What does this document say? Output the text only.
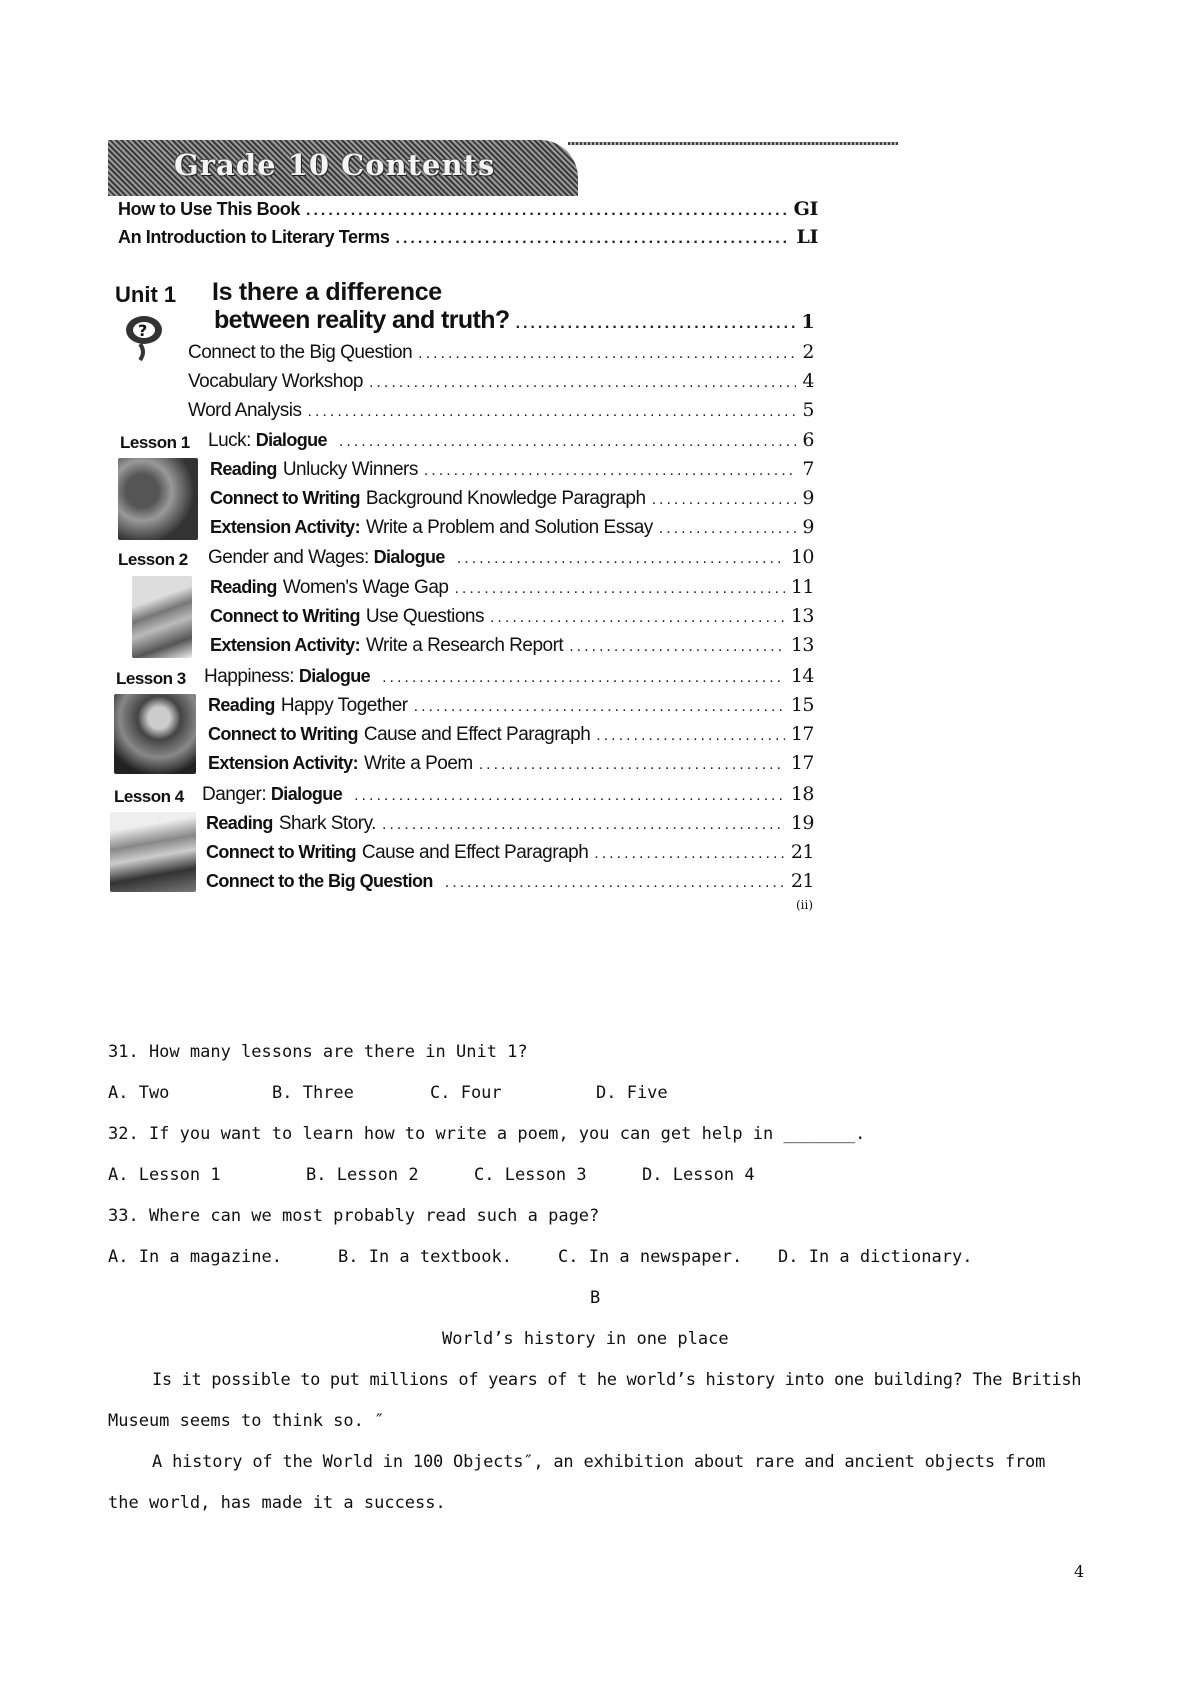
Grade 10 Contents
How to Use This Book .....	GI
An Introduction to Literary Terms .....	LI
Unit 1 Is there a difference
?	between reality and truth? .....	1
Connect to the Big Question .....	2
Vocabulary Workshop .....	4
Word Analysis .....	5
Lesson 1 Luck:
Dialogue .....	6
Reading Unlucky Winners .....	7
Connect to Writing Background Knowledge Paragraph .....	9
Extension Activity: Write a Problem and Solution Essay .....	9
Lesson 2 Gender and Wages:
Dialogue .....	10
Reading Women's Wage Gap .....	11
Connect to Writing Use Questions .....	13
Extension Activity: Write a Research Report .....	13
Lesson 3 Happiness:
Dialogue .....	14
Reading Happy Together .....	15
Connect to Writing Cause and Effect Paragraph .....	17
Extension Activity: Write a Poem .....	17
Lesson 4 Danger:
Dialogue .....	18
Reading Shark Story. .....	19
Connect to Writing Cause and Effect Paragraph .....	21
Connect to the Big Question .....	21
(ii)
31. How many lessons are there in Unit 1?
A. Two	B. Three	C. Four	D. Five
32. If you want to learn how to write a poem, you can get help in _______.
A. Lesson 1	B. Lesson 2	C. Lesson 3	D. Lesson 4
33. Where can we most probably read such a page?
A. In a magazine.	B. In a textbook.	C. In a newspaper. D. In a dictionary.
B
World’s history in one place
Is it possible to put millions of years of t he world’s history into one building? The British
Museum seems to think so. ″
A history of the World in 100 Objects″, an exhibition about rare and ancient objects from
the world, has made it a success.
4
